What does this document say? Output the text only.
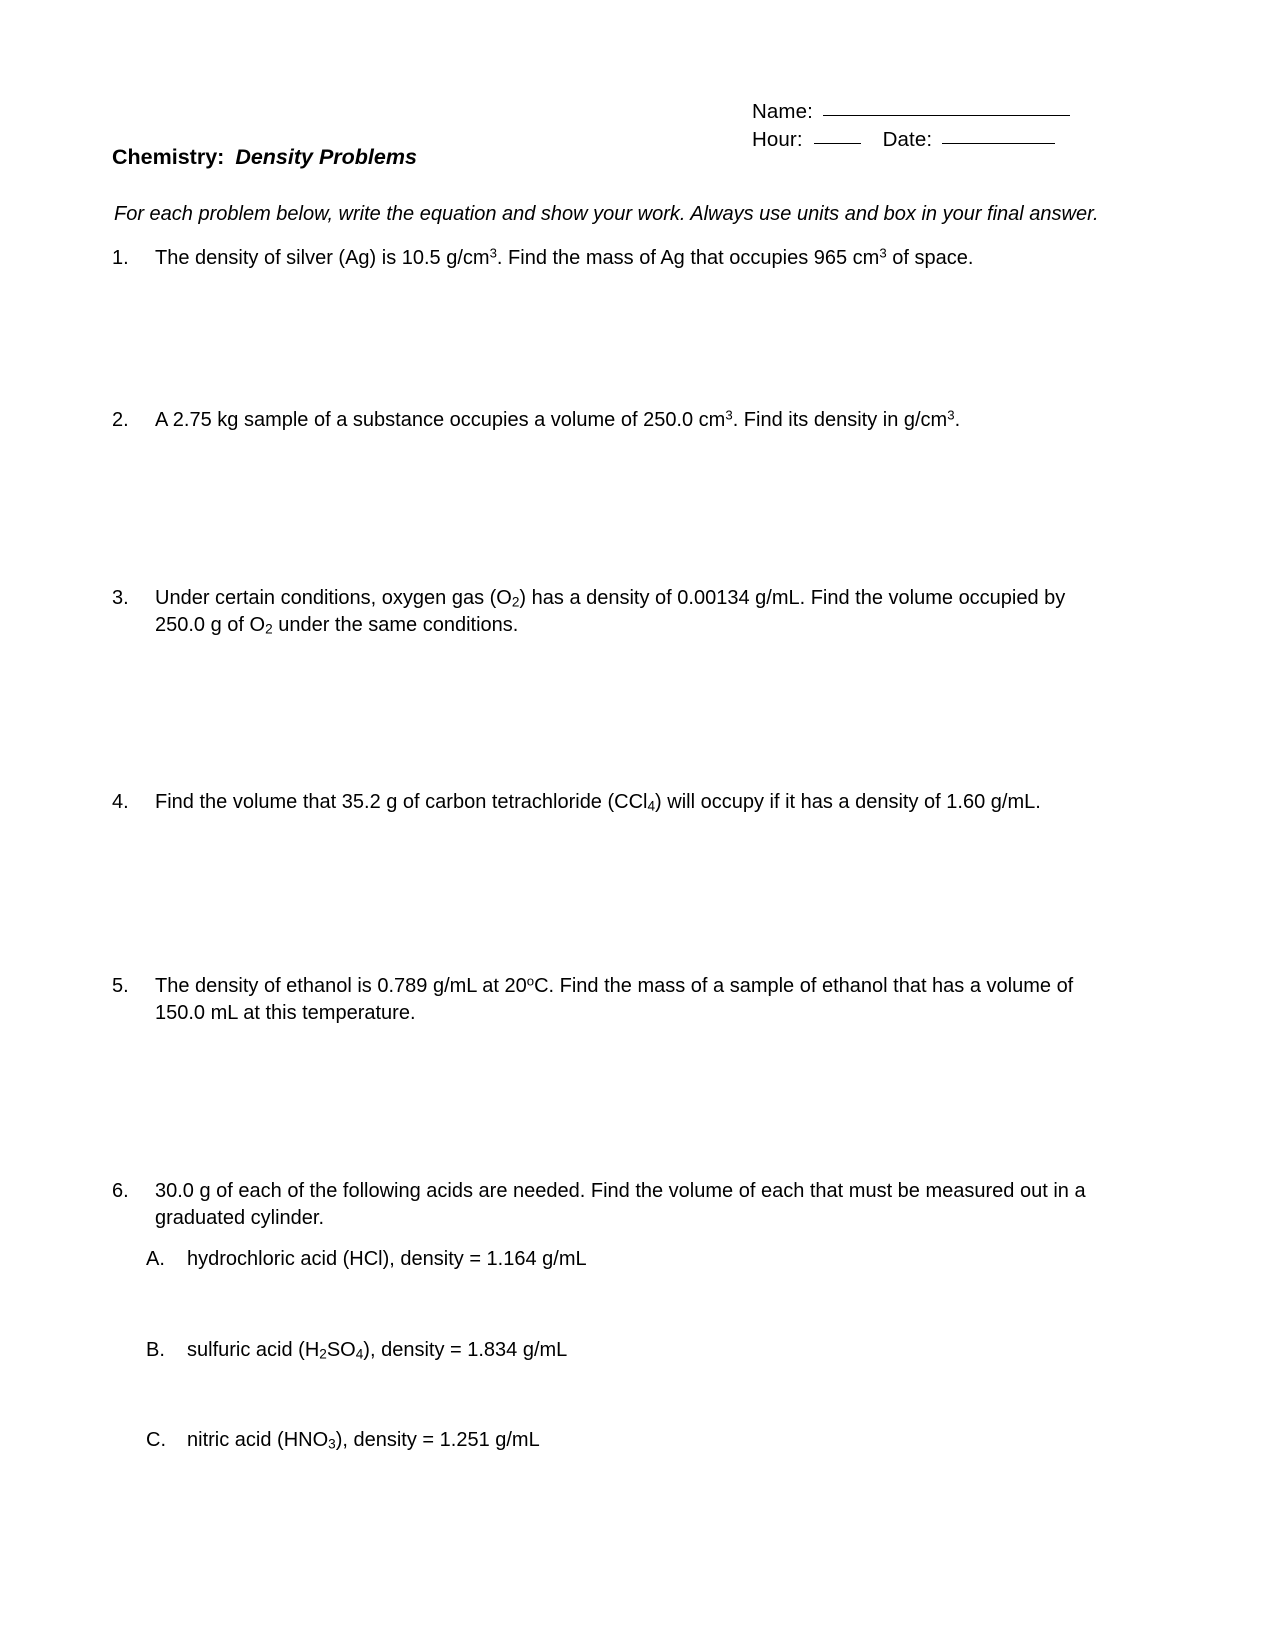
Name:
Hour:	Date:
Chemistry: Density Problems
For each problem below, write the equation and show your work. Always use units and box in your final answer.
1.	The density of silver (Ag) is 10.5 $g/cm^3$. Find the mass of Ag that occupies 965 $cm^3$ of space.
2.	A 2.75 kg sample of a substance occupies a volume of 250.0 $cm^3$. Find its density in $g/cm^3$.
3.	Under certain conditions, oxygen gas $(O_2)$ has a density of 0.00134 g/mL. Find the volume occupied by
250.0 g of $O_2$ under the same conditions.
4.	Find the volume that 35.2 g of carbon tetrachloride (CCl$_4$) will occupy if it has a density of 1.60 g/mL.
5.	The density of ethanol is 0.789 g/mL at 20$^o$C. Find the mass of a sample of ethanol that has a volume of
150.0 mL at this temperature.
6.	30.0 g of each of the following acids are needed. Find the volume of each that must be measured out in a
graduated cylinder.
A.	hydrochloric acid (HCl), density = 1.164 g/mL
B.	sulfuric acid $(H_2SO_4)$, density = 1.834 g/mL
C.	nitric acid $(HNO_3)$, density = 1.251 g/mL
